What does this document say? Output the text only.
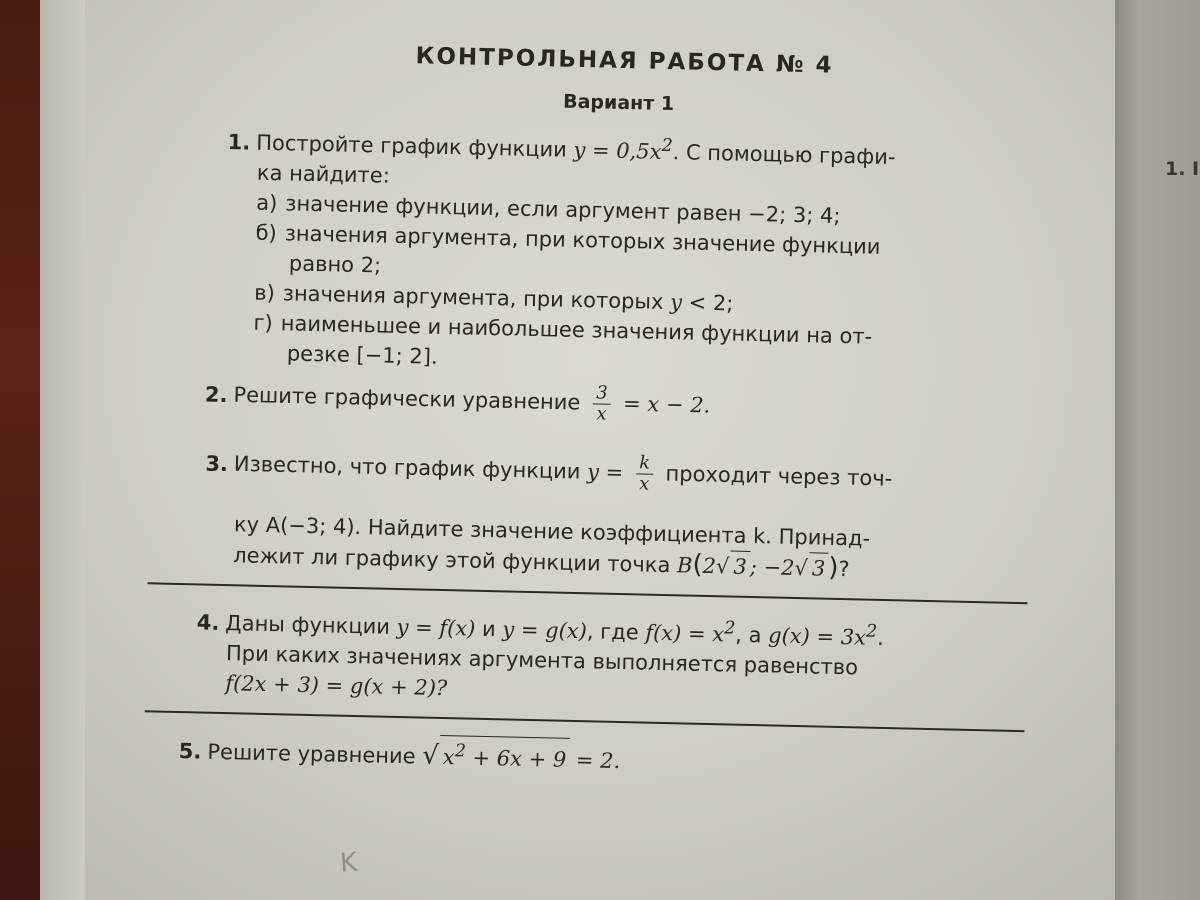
1. I
КОНТРОЛЬНАЯ РАБОТА № 4
Вариант 1
1. Постройте график функции $y = 0,5x^2$. С помощью графи-
ка найдите:
а) значение функции, если аргумент равен −2; 3; 4;
б) значения аргумента, при которых значение функции
равно 2;
в) значения аргумента, при которых y < 2;
г) наименьшее и наибольшее значения функции на от-
резке [−1; 2].
2. Решите графически уравнение $\frac{3}{x} = x - 2$.
3. Известно, что график функции $y = \frac{k}{x}$ проходит через точ-
ку A(−3; 4). Найдите значение коэффициента k. Принад-
лежит ли графику этой функции точка B(2√ 3 ; −2√ 3)?
4. Даны функции y = f(x) и y = g(x), где $f(x) = x^2$, а $g(x) = 3x^2$.
При каких значениях аргумента выполняется равенство
f(2x + 3) = g(x + 2)?
5. Решите уравнение √ $x^2 + 6x + 9 = 2$.
K
